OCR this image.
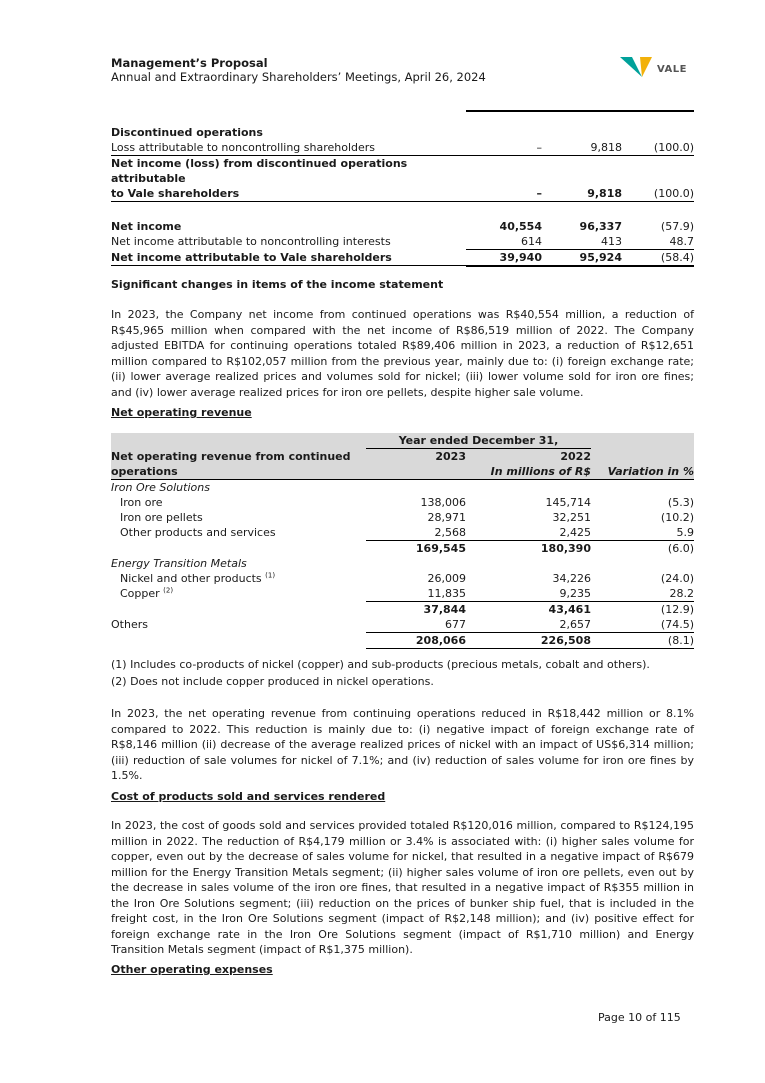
Management’s Proposal
Annual and Extraordinary Shareholders’ Meetings, April 26, 2024
VALE

Discontinued operations			
Loss attributable to noncontrolling shareholders	–	9,818	(100.0)
Net income (loss) from discontinued operations attributable			
to Vale shareholders	–	9,818	(100.0)

Net income	40,554	96,337	(57.9)
Net income attributable to noncontrolling interests	614	413	48.7
Net income attributable to Vale shareholders	39,940	95,924	(58.4)
Significant changes in items of the income statement
In 2023, the Company net income from continued operations was R$40,554 million, a reduction of R$45,965 million when compared with the net income of R$86,519 million of 2022. The Company adjusted EBITDA for continuing operations totaled R$89,406 million in 2023, a reduction of R$12,651 million compared to R$102,057 million from the previous year, mainly due to: (i) foreign exchange rate; (ii) lower average realized prices and volumes sold for nickel; (iii) lower volume sold for iron ore fines; and (iv) lower average realized prices for iron ore pellets, despite higher sale volume.
Net operating revenue
	Year ended December 31,		
Net operating revenue from continued	2023	2022	
operations		In millions of R$	Variation in %
Iron Ore Solutions			
Iron ore	138,006	145,714	(5.3)
Iron ore pellets	28,971	32,251	(10.2)
Other products and services	2,568	2,425	5.9
	169,545	180,390	(6.0)
Energy Transition Metals			
Nickel and other products $^{(1)}$	26,009	34,226	(24.0)
Copper $^{(2)}$	11,835	9,235	28.2
	37,844	43,461	(12.9)
Others	677	2,657	(74.5)
	208,066	226,508	(8.1)
(1) Includes co-products of nickel (copper) and sub-products (precious metals, cobalt and others).
(2) Does not include copper produced in nickel operations.
In 2023, the net operating revenue from continuing operations reduced in R$18,442 million or 8.1% compared to 2022. This reduction is mainly due to: (i) negative impact of foreign exchange rate of R$8,146 million (ii) decrease of the average realized prices of nickel with an impact of US$6,314 million; (iii) reduction of sale volumes for nickel of 7.1%; and (iv) reduction of sales volume for iron ore fines by 1.5%.
Cost of products sold and services rendered
In 2023, the cost of goods sold and services provided totaled R$120,016 million, compared to R$124,195 million in 2022. The reduction of R$4,179 million or 3.4% is associated with: (i) higher sales volume for copper, even out by the decrease of sales volume for nickel, that resulted in a negative impact of R$679 million for the Energy Transition Metals segment; (ii) higher sales volume of iron ore pellets, even out by the decrease in sales volume of the iron ore fines, that resulted in a negative impact of R$355 million in the Iron Ore Solutions segment; (iii) reduction on the prices of bunker ship fuel, that is included in the freight cost, in the Iron Ore Solutions segment (impact of R$2,148 million); and (iv) positive effect for foreign exchange rate in the Iron Ore Solutions segment (impact of R$1,710 million) and Energy Transition Metals segment (impact of R$1,375 million).
Other operating expenses
Page 10 of 115
